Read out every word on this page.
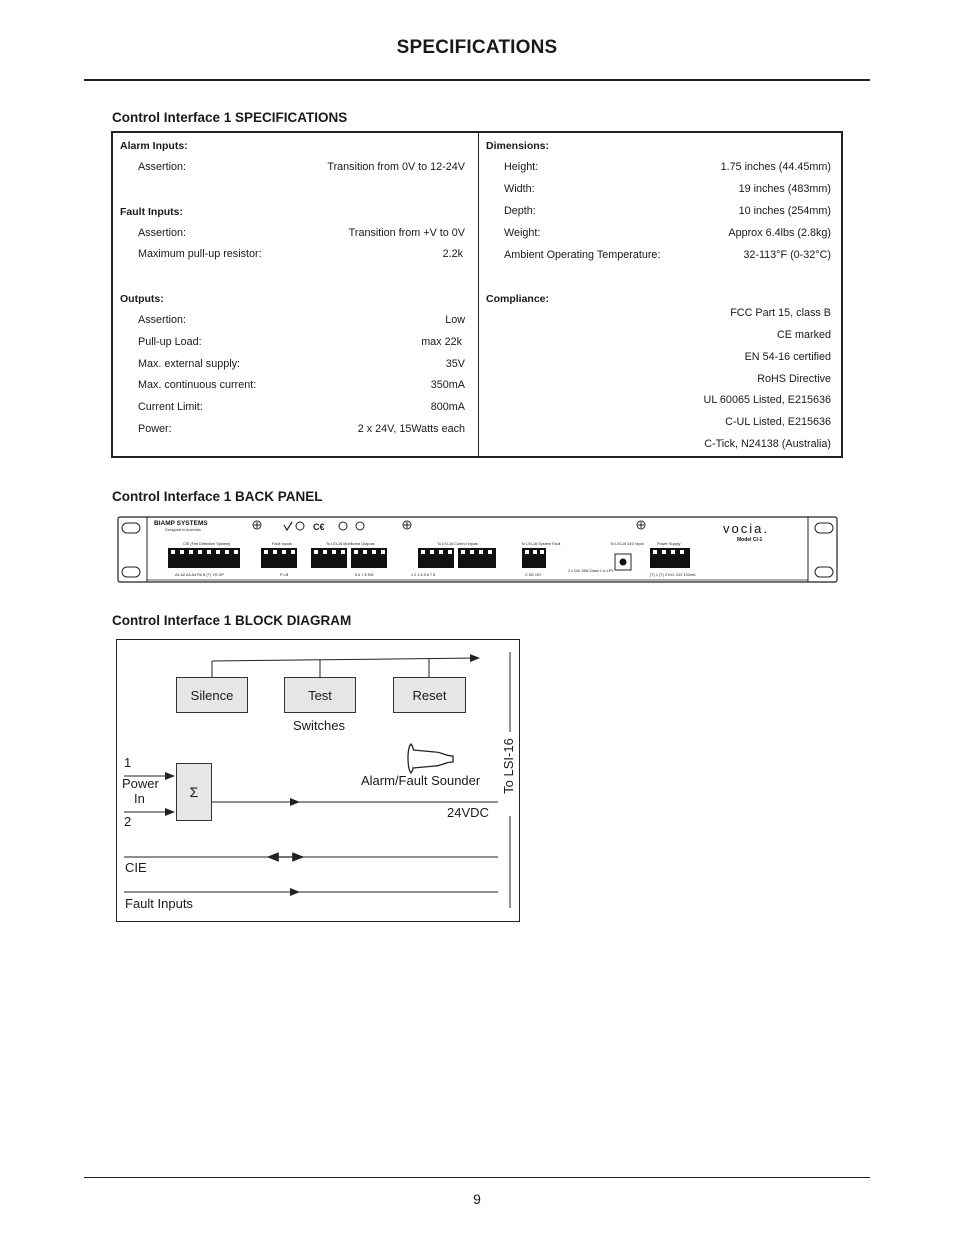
SPECIFICATIONS
Control Interface 1 SPECIFICATIONS
Alarm Inputs:
Assertion:	Transition from 0V to 12-24V
Fault Inputs:
Assertion:	Transition from +V to 0V
Maximum pull-up resistor:	2.2k
Outputs:
Assertion:	Low
Pull-up Load:	max 22k
Max. external supply:	35V
Max. continuous current:	350mA
Current Limit:	800mA
Power:	2 x 24V, 15Watts each
Dimensions:
Height:	1.75 inches (44.45mm)
Width:	19 inches (483mm)
Depth:	10 inches (254mm)
Weight:	Approx 6.4lbs (2.8kg)
Ambient Operating Temperature:	32-113°F (0-32°C)
Compliance:
FCC Part 15, class B
CE marked
EN 54-16 certified
RoHS Directive
UL 60065 Listed, E215636
C-UL Listed, E215636
C-Tick, N24138 (Australia)
Control Interface 1 BACK PANEL
C€
BIAMP SYSTEMS
Designed in Australia	vocia.
Model CI-1
CIE (Fire Detection System)	Fault Inputs	To LSI-16 Monitored Outputs	To LSI-16 Control Inputs	To LSI-16 System Fault	To LSI-16 24V Input	Power Supply
A1 A2 A3 A4 Rs B (T) VS OP	P LB	5 6 7 8 SM	1 2 3 4 5 6 7 8	C NC NO
2 x 24V 15W Class 2 or LPS
(T) 1 (T) 2 Ext. 24V 100mA
Control Interface 1 BLOCK DIAGRAM
Silence	Test	Reset
Switches
Σ
1
Power
In
2
Alarm/Fault Sounder
24VDC
CIE
Fault Inputs
To LSI-16
9
